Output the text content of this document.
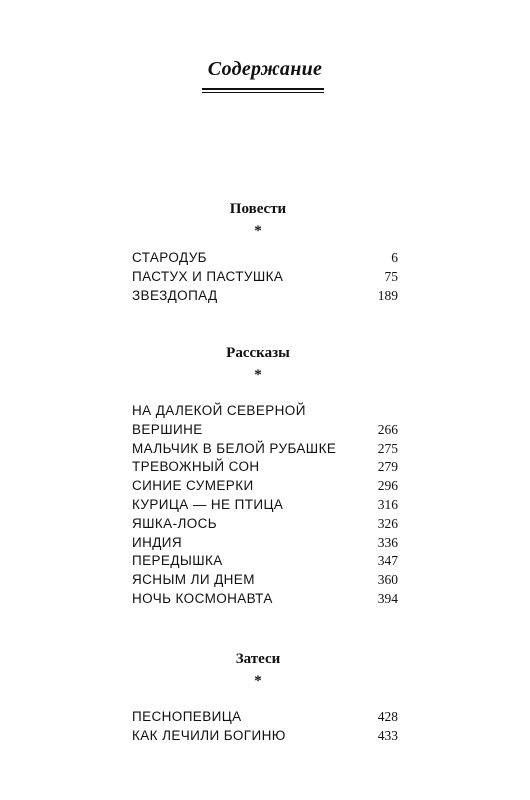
Содержание
Повести
*
СТАРОДУБ	6
ПАСТУХ И ПАСТУШКА	75
ЗВЕЗДОПАД	189
Рассказы
*
НА ДАЛЕКОЙ СЕВЕРНОЙ
ВЕРШИНЕ	266
МАЛЬЧИК В БЕЛОЙ РУБАШКЕ	275
ТРЕВОЖНЫЙ СОН	279
СИНИЕ СУМЕРКИ	296
КУРИЦА — НЕ ПТИЦА	316
ЯШКА-ЛОСЬ	326
ИНДИЯ	336
ПЕРЕДЫШКА	347
ЯСНЫМ ЛИ ДНЕМ	360
НОЧЬ КОСМОНАВТА	394
Затеси
*
ПЕСНОПЕВИЦА	428
КАК ЛЕЧИЛИ БОГИНЮ	433
